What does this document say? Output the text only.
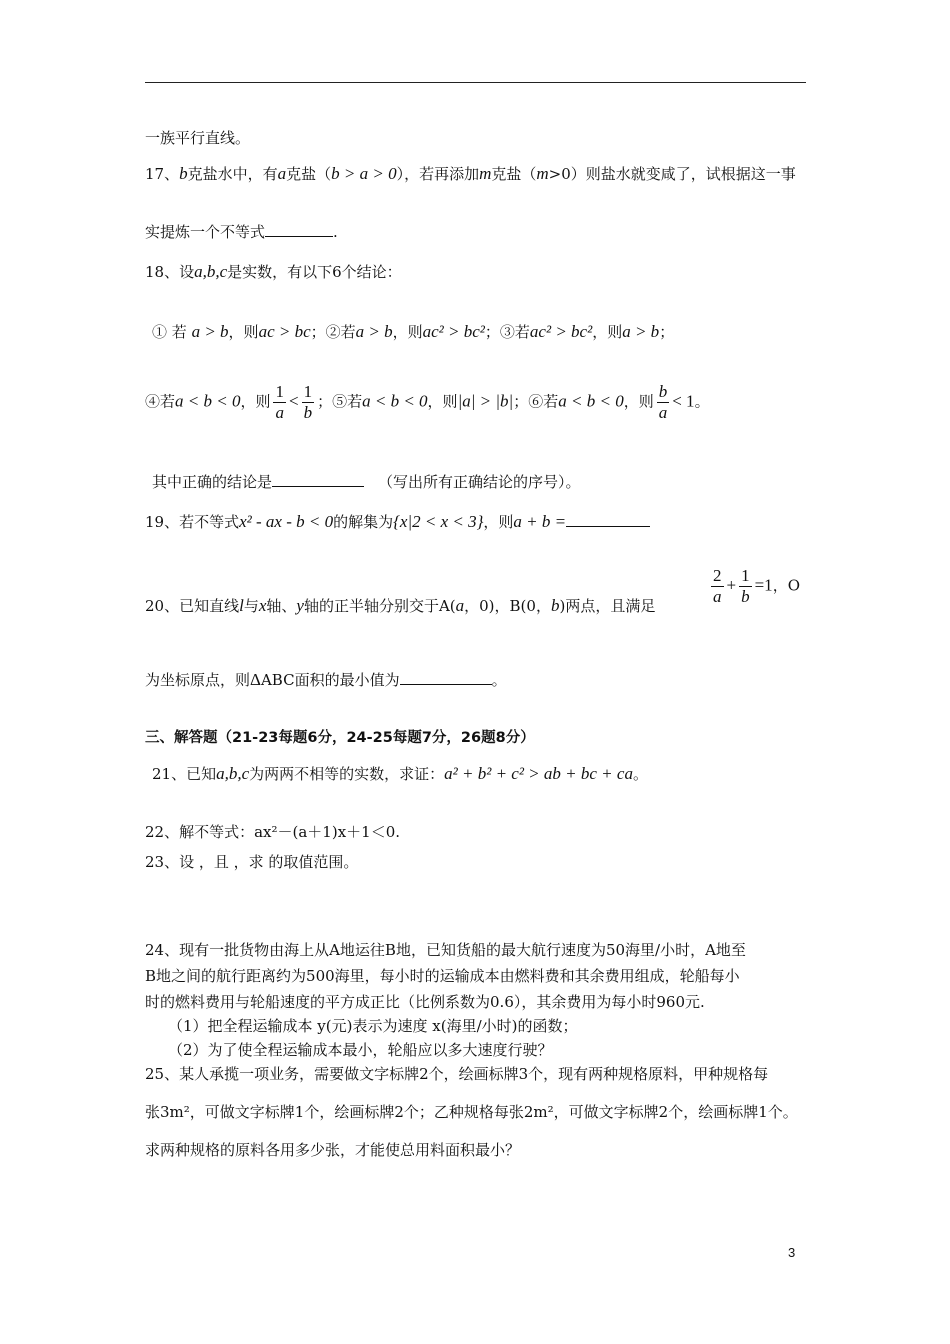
一族平行直线。
17、b克盐水中，有a克盐（b > a > 0），若再添加m克盐（m>0）则盐水就变咸了，试根据这一事
实提炼一个不等式	.
18、设a,b,c是实数，有以下6个结论：
① 若 a > b，则ac > bc；②若a > b，则ac² > bc²；③若ac² > bc²，则a > b；
④若a < b < 0，则 $\frac{1}{a} < \frac{1}{b}$ ；⑤若a < b < 0，则|a| > |b|；⑥若a < b < 0，则 $\frac{b}{a} < 1$。
其中正确的结论是	（写出所有正确结论的序号）。
19、若不等式x² - ax - b < 0的解集为{x|2 < x < 3}，则a + b =
20、已知直线l与x轴、y轴的正半轴分别交于A(a，0)，B(0，b)两点，且满足	$\frac{2}{a} + \frac{1}{b} =1$，O
为坐标原点，则ΔABC面积的最小值为	。
三、解答题（21-23每题6分，24-25每题7分，26题8分）
21、已知a,b,c为两两不相等的实数，求证：a² + b² + c² > ab + bc + ca。
22、解不等式：ax²－(a＋1)x＋1＜0.
23、设 ，且 ，求 的取值范围。
24、现有一批货物由海上从A地运往B地，已知货船的最大航行速度为50海里/小时，A地至
B地之间的航行距离约为500海里，每小时的运输成本由燃料费和其余费用组成，轮船每小
时的燃料费用与轮船速度的平方成正比（比例系数为0.6），其余费用为每小时960元.
（1）把全程运输成本 y(元)表示为速度 x(海里/小时)的函数；
（2）为了使全程运输成本最小，轮船应以多大速度行驶？
25、某人承揽一项业务，需要做文字标牌2个，绘画标牌3个，现有两种规格原料，甲种规格每
张3m²，可做文字标牌1个，绘画标牌2个；乙种规格每张2m²，可做文字标牌2个，绘画标牌1个。
求两种规格的原料各用多少张，才能使总用料面积最小？
3
